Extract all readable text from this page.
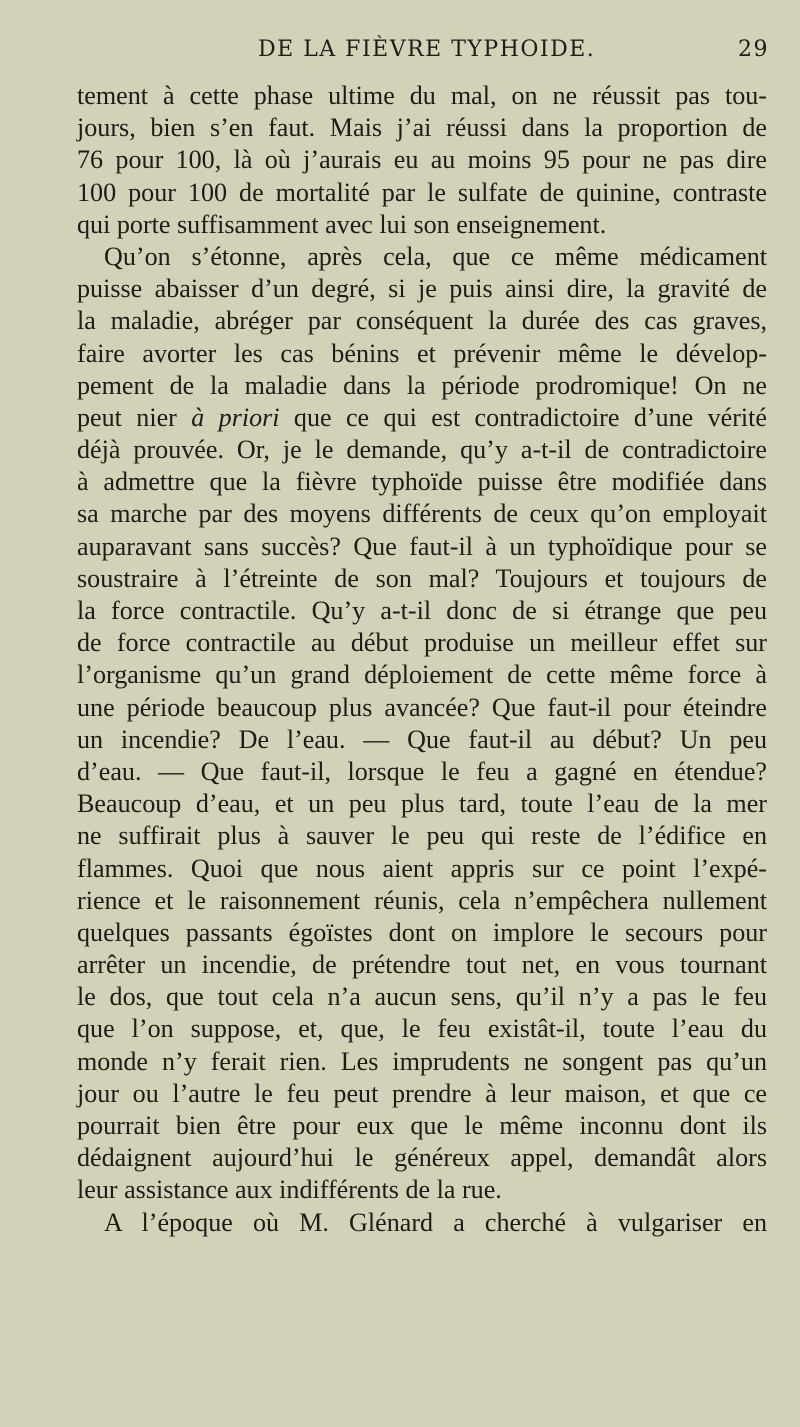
DE LA FIÈVRE TYPHOIDE.	29
tement à cette phase ultime du mal, on ne réussit pas tou-
jours, bien s’en faut. Mais j’ai réussi dans la proportion de
76 pour 100, là où j’aurais eu au moins 95 pour ne pas dire
100 pour 100 de mortalité par le sulfate de quinine, contraste
qui porte suffisamment avec lui son enseignement.
Qu’on s’étonne, après cela, que ce même médicament
puisse abaisser d’un degré, si je puis ainsi dire, la gravité de
la maladie, abréger par conséquent la durée des cas graves,
faire avorter les cas bénins et prévenir même le dévelop-
pement de la maladie dans la période prodromique! On ne
peut nier à priori que ce qui est contradictoire d’une vérité
déjà prouvée. Or, je le demande, qu’y a-t-il de contradictoire
à admettre que la fièvre typhoïde puisse être modifiée dans
sa marche par des moyens différents de ceux qu’on employait
auparavant sans succès? Que faut-il à un typhoïdique pour se
soustraire à l’étreinte de son mal? Toujours et toujours de
la force contractile. Qu’y a-t-il donc de si étrange que peu
de force contractile au début produise un meilleur effet sur
l’organisme qu’un grand déploiement de cette même force à
une période beaucoup plus avancée? Que faut-il pour éteindre
un incendie? De l’eau. — Que faut-il au début? Un peu
d’eau. — Que faut-il, lorsque le feu a gagné en étendue?
Beaucoup d’eau, et un peu plus tard, toute l’eau de la mer
ne suffirait plus à sauver le peu qui reste de l’édifice en
flammes. Quoi que nous aient appris sur ce point l’expé-
rience et le raisonnement réunis, cela n’empêchera nullement
quelques passants égoïstes dont on implore le secours pour
arrêter un incendie, de prétendre tout net, en vous tournant
le dos, que tout cela n’a aucun sens, qu’il n’y a pas le feu
que l’on suppose, et, que, le feu existât-il, toute l’eau du
monde n’y ferait rien. Les imprudents ne songent pas qu’un
jour ou l’autre le feu peut prendre à leur maison, et que ce
pourrait bien être pour eux que le même inconnu dont ils
dédaignent aujourd’hui le généreux appel, demandât alors
leur assistance aux indifférents de la rue.
A l’époque où M. Glénard a cherché à vulgariser en
